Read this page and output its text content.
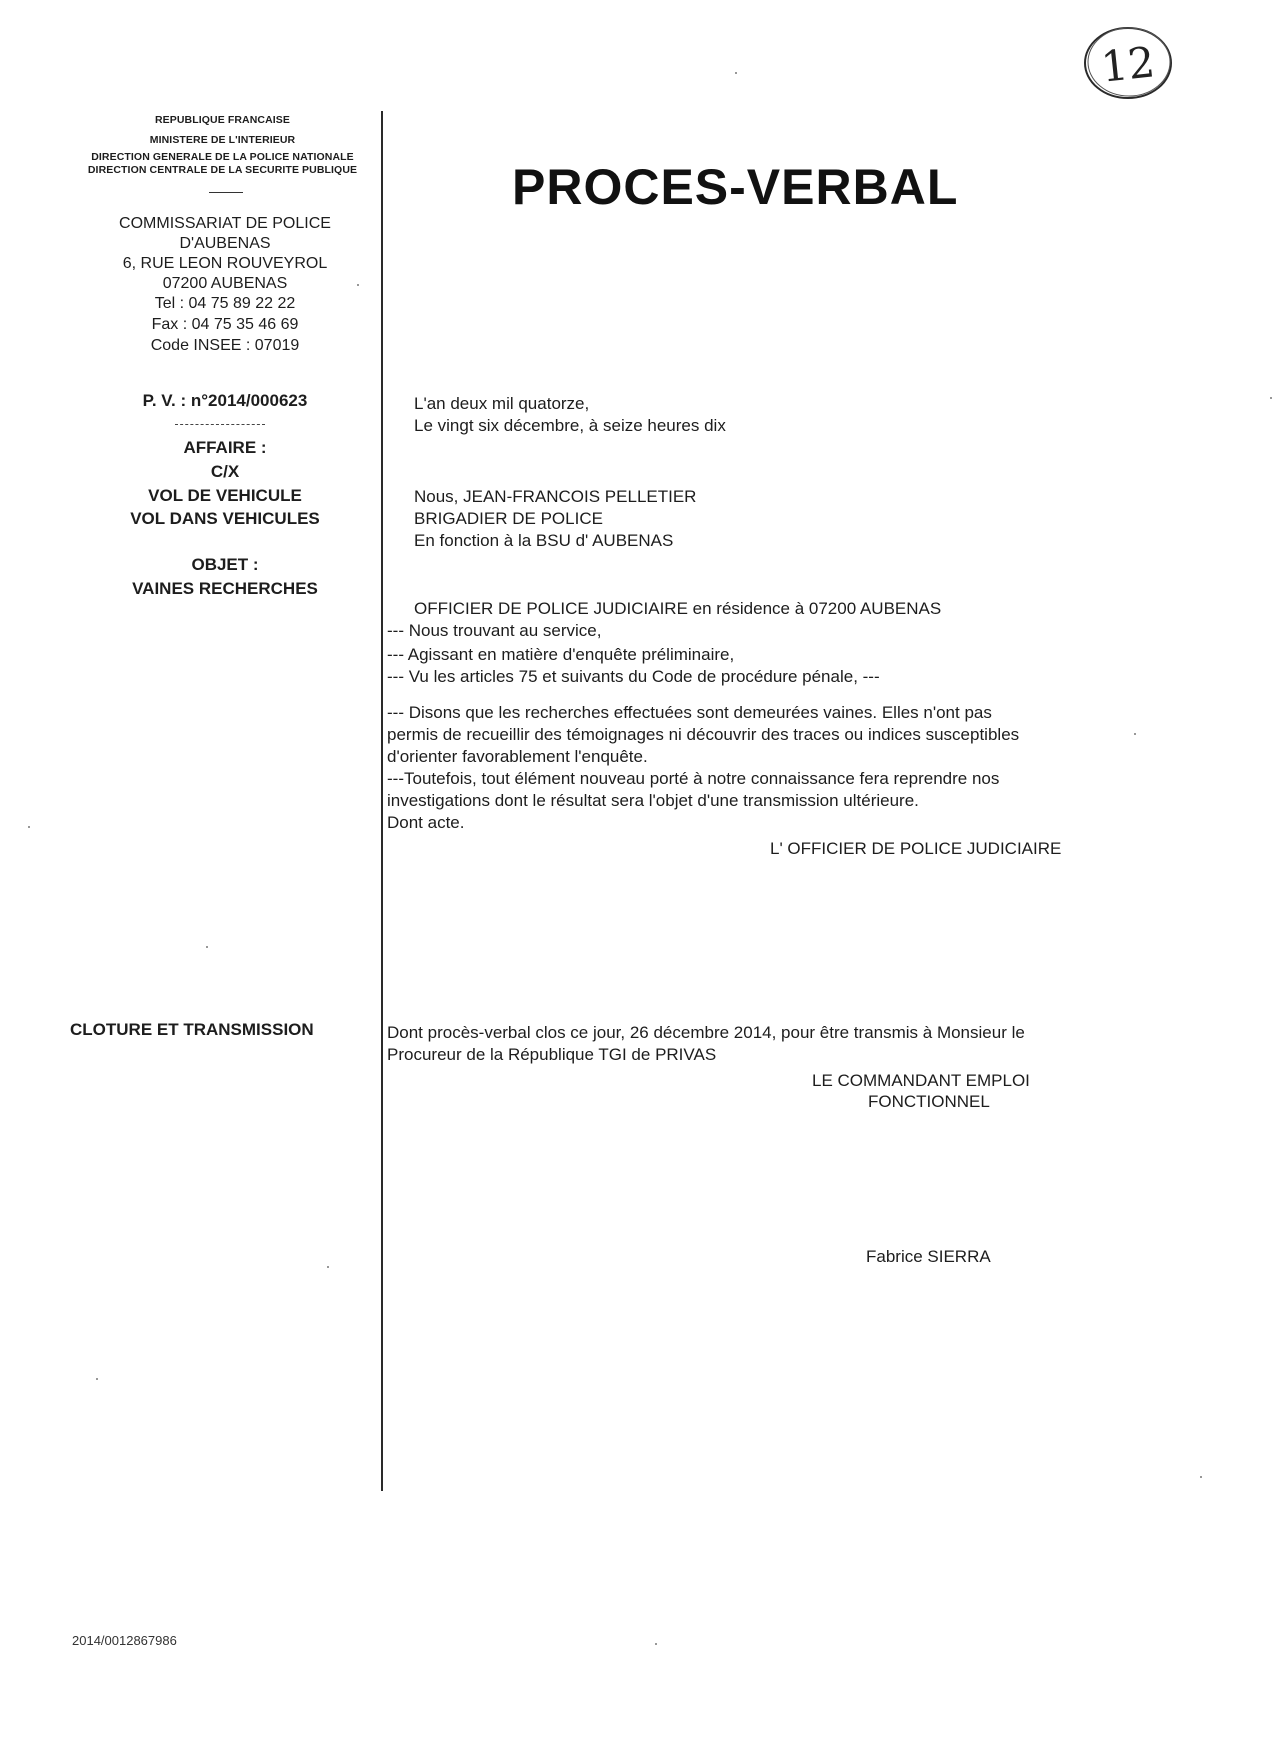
12
REPUBLIQUE FRANCAISE
MINISTERE DE L'INTERIEUR
DIRECTION GENERALE DE LA POLICE NATIONALE
DIRECTION CENTRALE DE LA SECURITE PUBLIQUE
COMMISSARIAT DE POLICE
D'AUBENAS
6, RUE LEON ROUVEYROL
07200 AUBENAS
Tel : 04 75 89 22 22
Fax : 04 75 35 46 69
Code INSEE : 07019
P. V. : n°2014/000623
AFFAIRE :
C/X
VOL DE VEHICULE
VOL DANS VEHICULES
OBJET :
VAINES RECHERCHES
CLOTURE ET TRANSMISSION
PROCES-VERBAL
L'an deux mil quatorze,
Le vingt six décembre, à seize heures dix
Nous, JEAN-FRANCOIS PELLETIER
BRIGADIER DE POLICE
En fonction à la BSU d' AUBENAS
OFFICIER DE POLICE JUDICIAIRE en résidence à 07200 AUBENAS
--- Nous trouvant au service,
--- Agissant en matière d'enquête préliminaire,
--- Vu les articles 75 et suivants du Code de procédure pénale, ---
--- Disons que les recherches effectuées sont demeurées vaines. Elles n'ont pas
permis de recueillir des témoignages ni découvrir des traces ou indices susceptibles
d'orienter favorablement l'enquête.
---Toutefois, tout élément nouveau porté à notre connaissance fera reprendre nos
investigations dont le résultat sera l'objet d'une transmission ultérieure.
Dont acte.
L' OFFICIER DE POLICE JUDICIAIRE
Dont procès-verbal clos ce jour, 26 décembre 2014, pour être transmis à Monsieur le
Procureur de la République TGI de PRIVAS
LE COMMANDANT EMPLOI
FONCTIONNEL
Fabrice SIERRA
2014/0012867986
